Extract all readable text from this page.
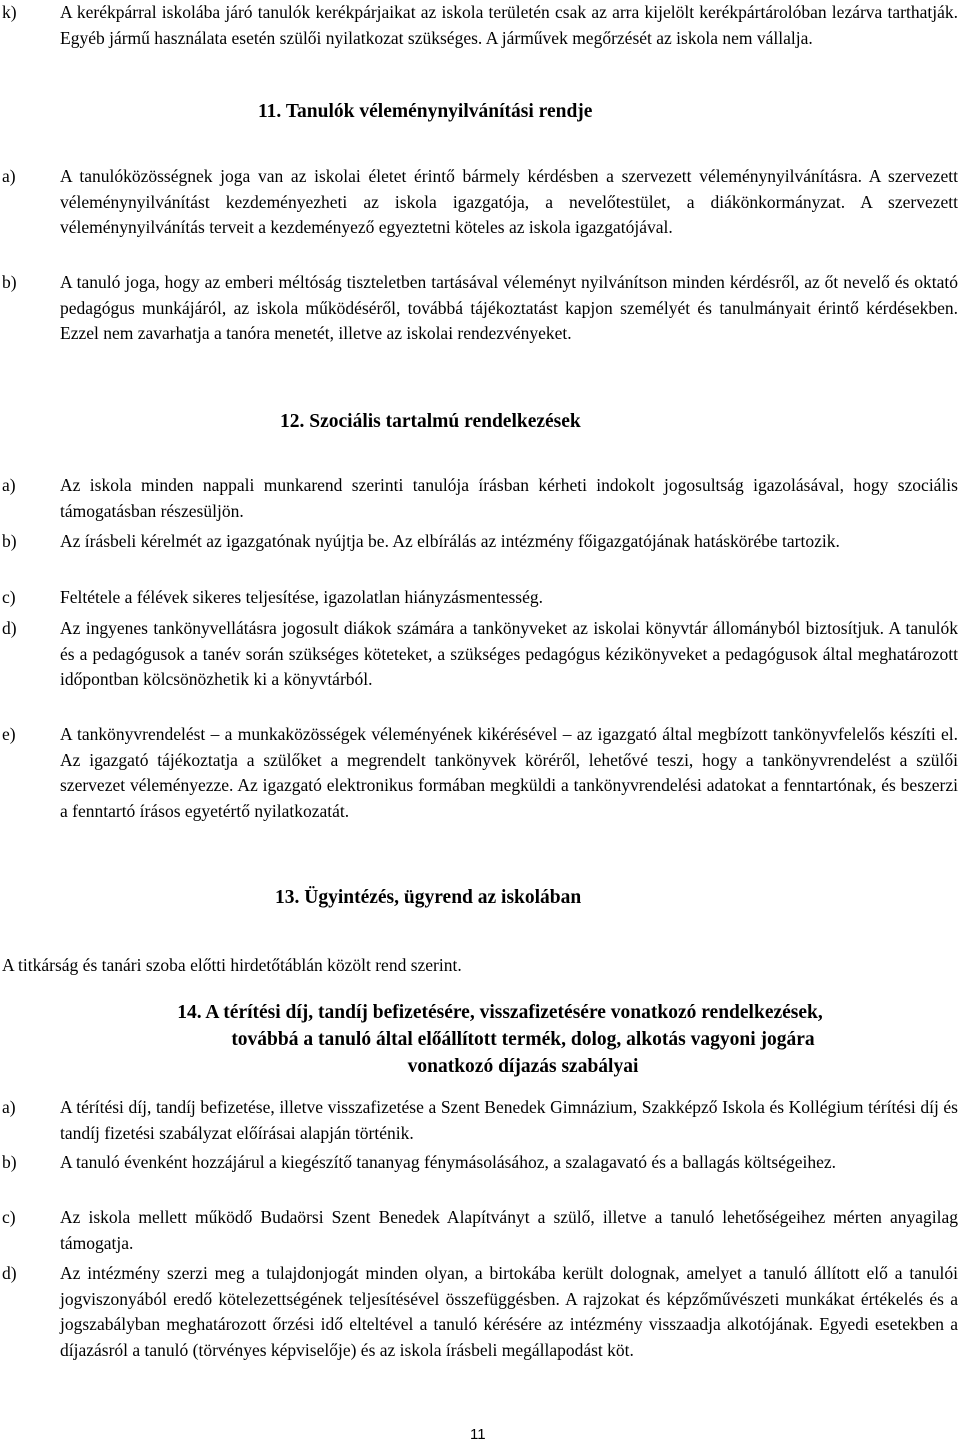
k)	A kerékpárral iskolába járó tanulók kerékpárjaikat az iskola területén csak az arra kijelölt kerékpártárolóban lezárva tarthatják. Egyéb jármű használata esetén szülői nyilatkozat szükséges. A járművek megőrzését az iskola nem vállalja.
11. Tanulók véleménynyilvánítási rendje
a)	A tanulóközösségnek joga van az iskolai életet érintő bármely kérdésben a szervezett véleménynyilvánításra. A szervezett véleménynyilvánítást kezdeményezheti az iskola igazgatója, a nevelőtestület, a diákönkormányzat. A szervezett véleménynyilvánítás terveit a kezdeményező egyeztetni köteles az iskola igazgatójával.
b)	A tanuló joga, hogy az emberi méltóság tiszteletben tartásával véleményt nyilvánítson minden kérdésről, az őt nevelő és oktató pedagógus munkájáról, az iskola működéséről, továbbá tájékoztatást kapjon személyét és tanulmányait érintő kérdésekben. Ezzel nem zavarhatja a tanóra menetét, illetve az iskolai rendezvényeket.
12. Szociális tartalmú rendelkezések
a)	Az iskola minden nappali munkarend szerinti tanulója írásban kérheti indokolt jogosultság igazolásával, hogy szociális támogatásban részesüljön.
b)	Az írásbeli kérelmét az igazgatónak nyújtja be. Az elbírálás az intézmény főigazgatójának hatáskörébe tartozik.
c)	Feltétele a félévek sikeres teljesítése, igazolatlan hiányzásmentesség.
d)	Az ingyenes tankönyvellátásra jogosult diákok számára a tankönyveket az iskolai könyvtár állományból biztosítjuk. A tanulók és a pedagógusok a tanév során szükséges köteteket, a szükséges pedagógus kézikönyveket a pedagógusok által meghatározott időpontban kölcsönözhetik ki a könyvtárból.
e)	A tankönyvrendelést – a munkaközösségek véleményének kikérésével – az igazgató által megbízott tankönyvfelelős készíti el. Az igazgató tájékoztatja a szülőket a megrendelt tankönyvek köréről, lehetővé teszi, hogy a tankönyvrendelést a szülői szervezet véleményezze. Az igazgató elektronikus formában megküldi a tankönyvrendelési adatokat a fenntartónak, és beszerzi a fenntartó írásos egyetértő nyilatkozatát.
13. Ügyintézés, ügyrend az iskolában
A titkárság és tanári szoba előtti hirdetőtáblán közölt rend szerint.
14. A térítési díj, tandíj befizetésére, visszafizetésére vonatkozó rendelkezések,
továbbá a tanuló által előállított termék, dolog, alkotás vagyoni jogára
vonatkozó díjazás szabályai
a)	A térítési díj, tandíj befizetése, illetve visszafizetése a Szent Benedek Gimnázium, Szakképző Iskola és Kollégium térítési díj és tandíj fizetési szabályzat előírásai alapján történik.
b)	A tanuló évenként hozzájárul a kiegészítő tananyag fénymásolásához, a szalagavató és a ballagás költségeihez.
c)	Az iskola mellett működő Budaörsi Szent Benedek Alapítványt a szülő, illetve a tanuló lehetőségeihez mérten anyagilag támogatja.
d)	Az intézmény szerzi meg a tulajdonjogát minden olyan, a birtokába került dolognak, amelyet a tanuló állított elő a tanulói jogviszonyából eredő kötelezettségének teljesítésével összefüggésben. A rajzokat és képzőművészeti munkákat értékelés és a jogszabályban meghatározott őrzési idő elteltével a tanuló kérésére az intézmény visszaadja alkotójának. Egyedi esetekben a díjazásról a tanuló (törvényes képviselője) és az iskola írásbeli megállapodást köt.
11
